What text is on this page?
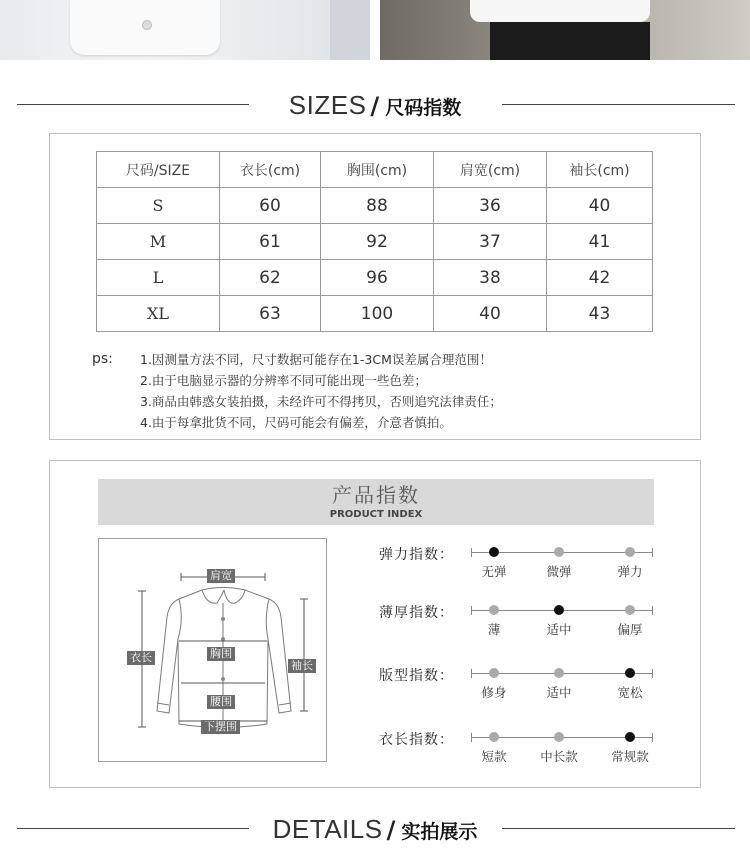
SIZES / 尺码指数
尺码/SIZE	衣长(cm)	胸围(cm)	肩宽(cm)	袖长(cm)
S	60	88	36	40
M	61	92	37	41
L	62	96	38	42
XL	63	100	40	43
ps: 1.因测量方法不同，尺寸数据可能存在1-3CM误差属合理范围！
2.由于电脑显示器的分辨率不同可能出现一些色差；
3.商品由韩惑女装拍摄，未经许可不得拷贝，否则追究法律责任；
4.由于每拿批货不同，尺码可能会有偏差，介意者慎拍。
产品指数
PRODUCT INDEX
肩宽
衣长	胸围
袖长
腰围
下摆围
弹力指数：
无弹	微弹	弹力
薄厚指数：
薄	适中	偏厚
版型指数：
修身	适中	宽松
衣长指数：
短款	中长款	常规款
DETAILS / 实拍展示
